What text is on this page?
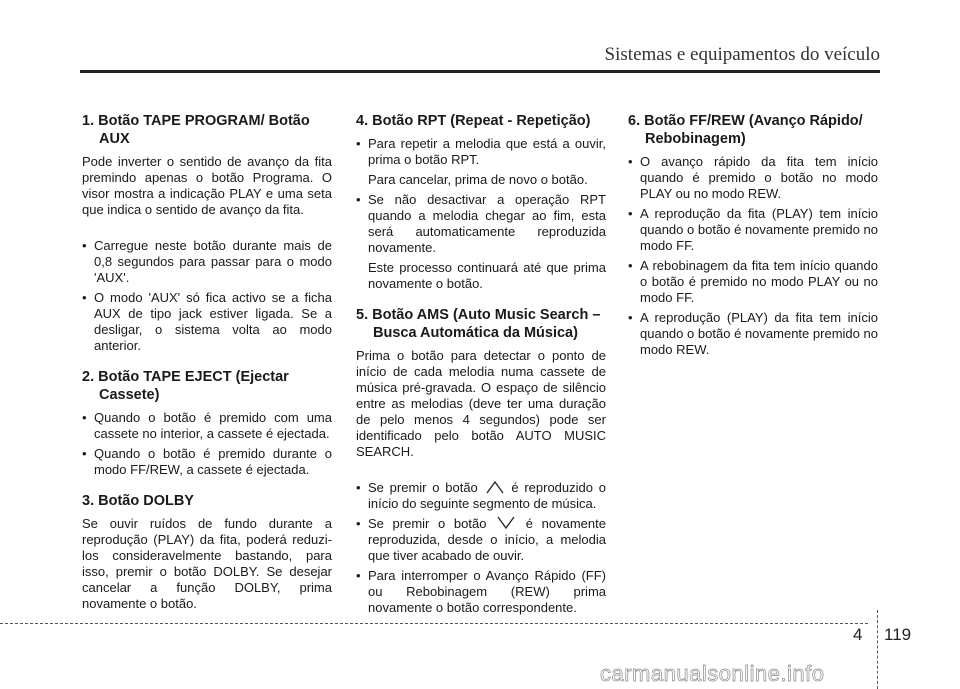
Sistemas e equipamentos do veículo
1. Botão TAPE PROGRAM/ Botão AUX

Pode inverter o sentido de avanço da fita premindo apenas o botão Programa. O visor mostra a indicação PLAY e uma seta que indica o sentido de avanço da fita.

• Carregue neste botão durante mais de 0,8 segundos para passar para o modo 'AUX'.
• O modo 'AUX' só fica activo se a ficha AUX de tipo jack estiver ligada. Se a desligar, o sistema volta ao modo anterior.
2. Botão TAPE EJECT (Ejectar Cassete)
• Quando o botão é premido com uma cassete no interior, a cassete é ejectada.
• Quando o botão é premido durante o modo FF/REW, a cassete é ejectada.
3. Botão DOLBY

Se ouvir ruídos de fundo durante a reprodução (PLAY) da fita, poderá reduzi-los consideravelmente bastando, para isso, premir o botão DOLBY. Se desejar cancelar a função DOLBY, prima novamente o botão.

4. Botão RPT (Repeat - Repetição)
• Para repetir a melodia que está a ouvir, prima o botão RPT.
Para cancelar, prima de novo o botão.
• Se não desactivar a operação RPT quando a melodia chegar ao fim, esta será automaticamente reproduzida novamente.
Este processo continuará até que prima novamente o botão.
5. Botão AMS (Auto Music Search – Busca Automática da Música)

Prima o botão para detectar o ponto de início de cada melodia numa cassete de música pré-gravada. O espaço de silêncio entre as melodias (deve ter uma duração de pelo menos 4 segundos) pode ser identificado pelo botão AUTO MUSIC SEARCH.

• Se premir o botão	é reproduzido o início do seguinte segmento de música.
• Se premir o botão	é novamente reproduzida, desde o início, a melodia que tiver acabado de ouvir.
• Para interromper o Avanço Rápido (FF) ou Rebobinagem (REW) prima novamente o botão correspondente.
6. Botão FF/REW (Avanço Rápido/ Rebobinagem)
• O avanço rápido da fita tem início quando é premido o botão no modo PLAY ou no modo REW.
• A reprodução da fita (PLAY) tem início quando o botão é novamente premido no modo FF.
• A rebobinagem da fita tem início quando o botão é premido no modo PLAY ou no modo FF.
• A reprodução (PLAY) da fita tem início quando o botão é novamente premido no modo REW.
4 119
carmanualsonline.info
